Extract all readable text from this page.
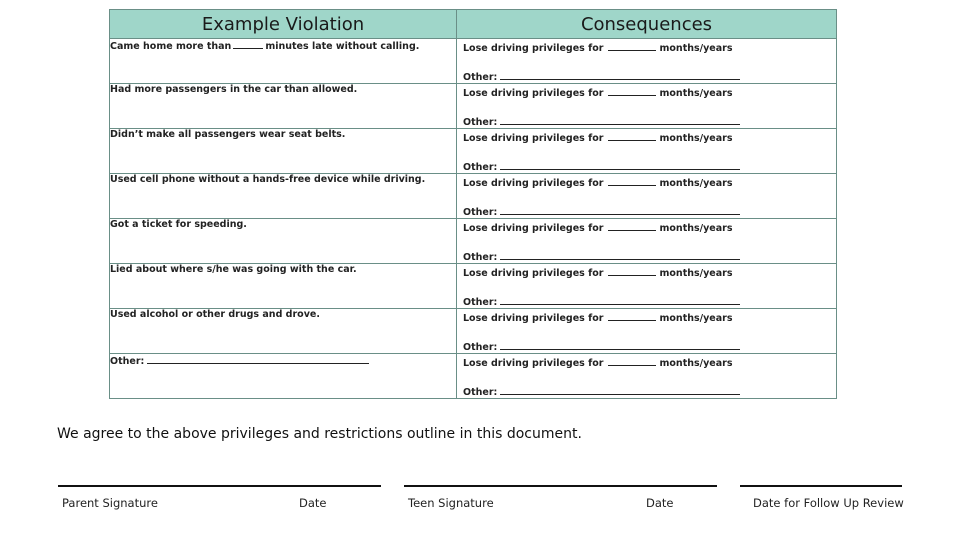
Example Violation	Consequences
Came home more than minutes late without calling.	Lose driving privileges for months/years
Other:

Had more passengers in the car than allowed.	Lose driving privileges for months/years
Other:

Didn’t make all passengers wear seat belts.	Lose driving privileges for months/years
Other:

Used cell phone without a hands-free device while driving.	Lose driving privileges for months/years
Other:

Got a ticket for speeding.	Lose driving privileges for months/years
Other:

Lied about where s/he was going with the car.	Lose driving privileges for months/years
Other:

Used alcohol or other drugs and drove.	Lose driving privileges for months/years
Other:

Other:	Lose driving privileges for months/years
Other:
We agree to the above privileges and restrictions outline in this document.
Parent Signature	Date	Teen Signature	Date	Date for Follow Up Review
